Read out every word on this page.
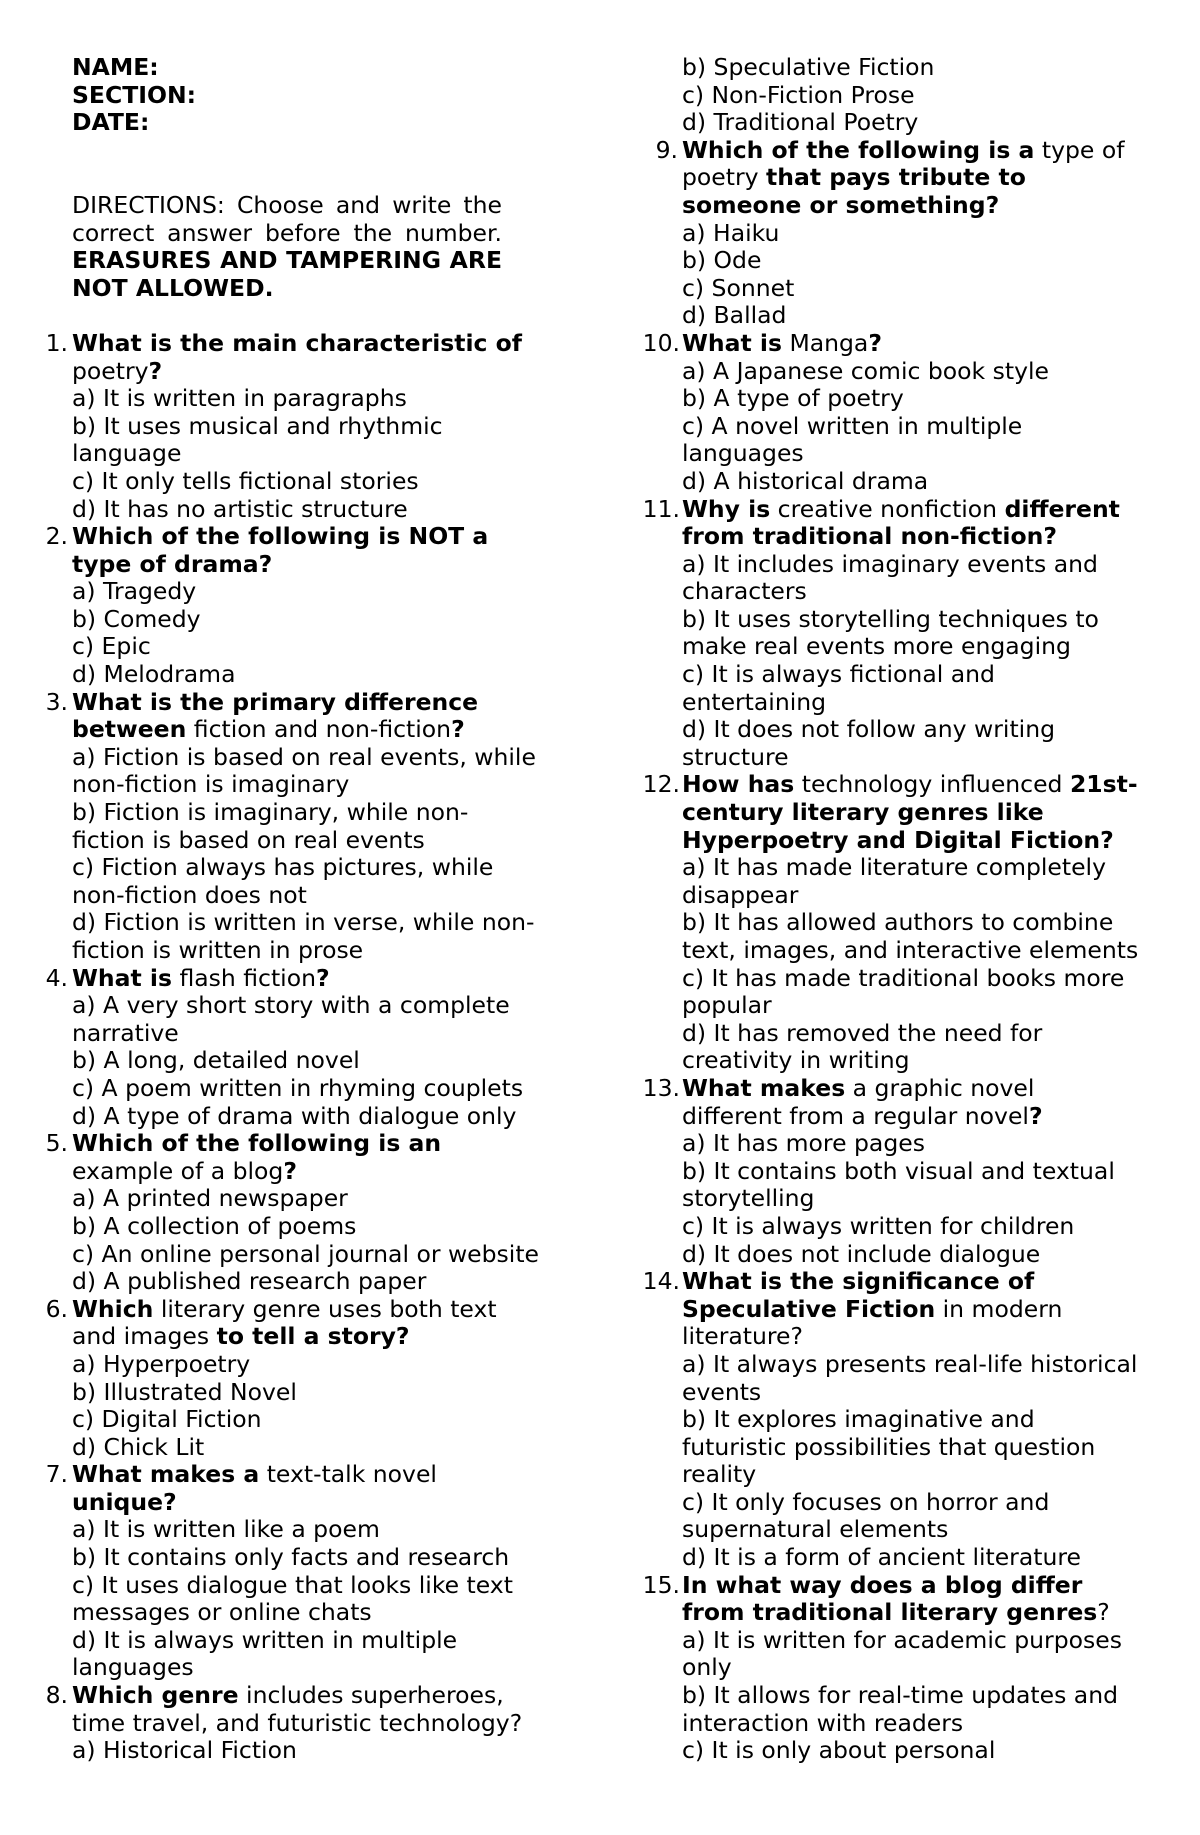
NAME:
SECTION:
DATE:
DIRECTIONS: Choose and write the correct answer before the number. ERASURES AND TAMPERING ARE NOT ALLOWED.
1. What is the main characteristic of poetry?
a) It is written in paragraphs
b) It uses musical and rhythmic language
c) It only tells fictional stories
d) It has no artistic structure
2. Which of the following is NOT a type of drama?
a) Tragedy
b) Comedy
c) Epic
d) Melodrama
3. What is the primary difference between fiction and non-fiction?
a) Fiction is based on real events, while non-fiction is imaginary
b) Fiction is imaginary, while non-fiction is based on real events
c) Fiction always has pictures, while non-fiction does not
d) Fiction is written in verse, while non-fiction is written in prose
4. What is flash fiction?
a) A very short story with a complete narrative
b) A long, detailed novel
c) A poem written in rhyming couplets
d) A type of drama with dialogue only
5. Which of the following is an example of a blog?
a) A printed newspaper
b) A collection of poems
c) An online personal journal or website
d) A published research paper
6. Which literary genre uses both text and images to tell a story?
a) Hyperpoetry
b) Illustrated Novel
c) Digital Fiction
d) Chick Lit
7. What makes a text-talk novel unique?
a) It is written like a poem
b) It contains only facts and research
c) It uses dialogue that looks like text messages or online chats
d) It is always written in multiple languages
8. Which genre includes superheroes, time travel, and futuristic technology?
a) Historical Fiction
b) Speculative Fiction
c) Non-Fiction Prose
d) Traditional Poetry
9. Which of the following is a type of poetry that pays tribute to someone or something?
a) Haiku
b) Ode
c) Sonnet
d) Ballad
10. What is Manga?
a) A Japanese comic book style
b) A type of poetry
c) A novel written in multiple languages
d) A historical drama
11. Why is creative nonfiction different from traditional non-fiction?
a) It includes imaginary events and characters
b) It uses storytelling techniques to make real events more engaging
c) It is always fictional and entertaining
d) It does not follow any writing structure
12. How has technology influenced 21st-century literary genres like Hyperpoetry and Digital Fiction?
a) It has made literature completely disappear
b) It has allowed authors to combine text, images, and interactive elements
c) It has made traditional books more popular
d) It has removed the need for creativity in writing
13. What makes a graphic novel different from a regular novel?
a) It has more pages
b) It contains both visual and textual storytelling
c) It is always written for children
d) It does not include dialogue
14. What is the significance of Speculative Fiction in modern literature?
a) It always presents real-life historical events
b) It explores imaginative and futuristic possibilities that question reality
c) It only focuses on horror and supernatural elements
d) It is a form of ancient literature
15. In what way does a blog differ from traditional literary genres?
a) It is written for academic purposes only
b) It allows for real-time updates and interaction with readers
c) It is only about personal
